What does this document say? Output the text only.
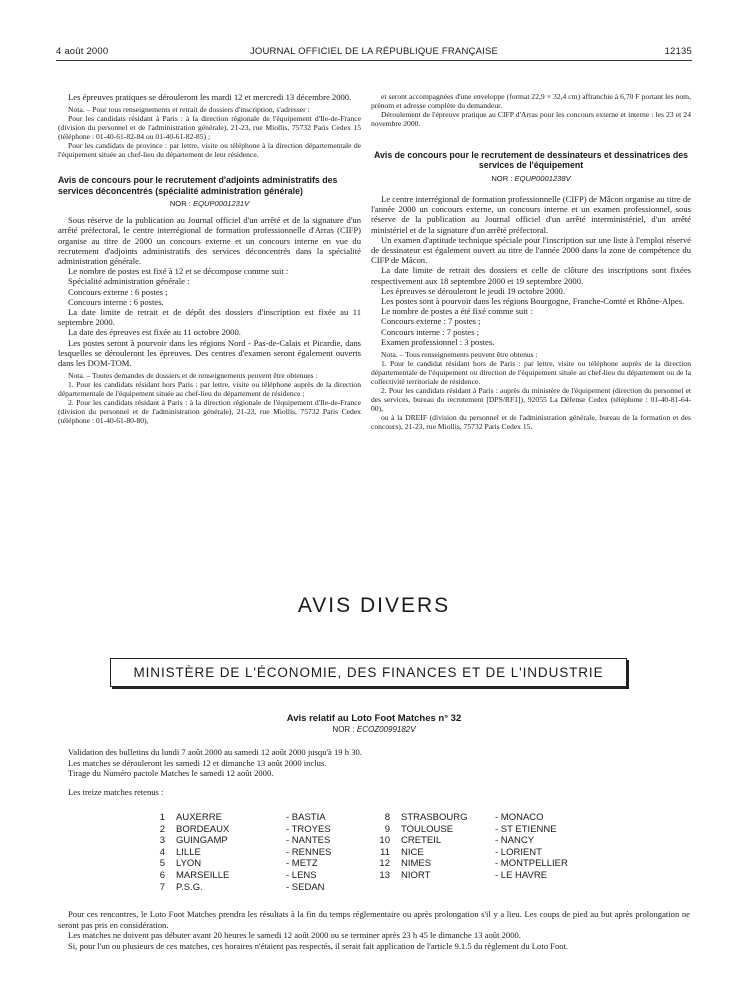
4 août 2000	JOURNAL OFFICIEL DE LA RÉPUBLIQUE FRANÇAISE	12135

Les épreuves pratiques se dérouleront les mardi 12 et mercredi 13 décembre 2000.

Nota. – Pour tous renseignements et retrait de dossiers d'inscription, s'adresser :

Pour les candidats résidant à Paris : à la direction régionale de l'équipement d'Ile-de-France (division du personnel et de l'administration générale), 21-23, rue Miollis, 75732 Paris Cedex 15 (téléphone : 01-40-61-82-84 ou 01-40-61-82-85) ;

Pour les candidats de province : par lettre, visite ou téléphone à la direction départementale de l'équipement située au chef-lieu du département de leur résidence.

Avis de concours pour le recrutement d'adjoints administratifs des services déconcentrés (spécialité administration générale)
NOR : EQUP0001231V

Sous réserve de la publication au Journal officiel d'un arrêté et de la signature d'un arrêté préfectoral, le centre interrégional de formation professionnelle d'Arras (CIFP) organise au titre de 2000 un concours externe et un concours interne en vue du recrutement d'adjoints administratifs des services déconcentrés dans la spécialité administration générale.

Le nombre de postes est fixé à 12 et se décompose comme suit :

Spécialité administration générale :

Concours externe : 6 postes ;

Concours interne : 6 postes.

La date limite de retrait et de dépôt des dossiers d'inscription est fixée au 11 septembre 2000.

La date des épreuves est fixée au 11 octobre 2000.

Les postes seront à pourvoir dans les régions Nord - Pas-de-Calais et Picardie, dans lesquelles se dérouleront les épreuves. Des centres d'examen seront également ouverts dans les DOM-TOM.

Nota. – Toutes demandes de dossiers et de renseignements peuvent être obtenues :

1. Pour les candidats résidant hors Paris : par lettre, visite ou téléphone auprès de la direction départementale de l'équipement située au chef-lieu du département de résidence ;

2. Pour les candidats résidant à Paris : à la direction régionale de l'équipement d'Ile-de-France (division du personnel et de l'administration générale), 21-23, rue Miollis, 75732 Paris Cedex (téléphone : 01-40-61-80-80),

et seront accompagnées d'une enveloppe (format 22,9 × 32,4 cm) affranchie à 6,70 F portant les nom, prénom et adresse complète du demandeur.

Déroulement de l'épreuve pratique au CIFP d'Arras pour les concours externe et interne : les 23 et 24 novembre 2000.

Avis de concours pour le recrutement de dessinateurs et dessinatrices des services de l'équipement
NOR : EQUP0001238V

Le centre interrégional de formation professionnelle (CIFP) de Mâcon organise au titre de l'année 2000 un concours externe, un concours interne et un examen professionnel, sous réserve de la publication au Journal officiel d'un arrêté interministériel, d'un arrêté ministériel et de la signature d'un arrêté préfectoral.

Un examen d'aptitude technique spéciale pour l'inscription sur une liste à l'emploi réservé de dessinateur est également ouvert au titre de l'année 2000 dans la zone de compétence du CIFP de Mâcon.

La date limite de retrait des dossiers et celle de clôture des inscriptions sont fixées respectivement aux 18 septembre 2000 et 19 septembre 2000.

Les épreuves se dérouleront le jeudi 19 octobre 2000.

Les postes sont à pourvoir dans les régions Bourgogne, Franche-Comté et Rhône-Alpes.

Le nombre de postes a été fixé comme suit :

Concours externe : 7 postes ;

Concours interne : 7 postes ;

Examen professionnel : 3 postes.

Nota. – Tous renseignements peuvent être obtenus :

1. Pour le candidat résidant hors de Paris : par lettre, visite ou téléphone auprès de la direction départementale de l'équipement ou direction de l'équipement située au chef-lieu du département ou de la collectivité territoriale de résidence.

2. Pour les candidats résidant à Paris : auprès du ministère de l'équipement (direction du personnel et des services, bureau du recrutement [DPS/RF1]), 92055 La Défense Cedex (téléphone : 01-40-81-64-00),

ou à la DREIF (division du personnel et de l'administration générale, bureau de la formation et des concours), 21-23, rue Miollis, 75732 Paris Cedex 15.

AVIS DIVERS
MINISTÈRE DE L'ÉCONOMIE, DES FINANCES ET DE L'INDUSTRIE
Avis relatif au Loto Foot Matches n° 32
NOR : ECOZ0099182V

Validation des bulletins du lundi 7 août 2000 au samedi 12 août 2000 jusqu'à 19 h 30.

Les matches se dérouleront les samedi 12 et dimanche 13 août 2000 inclus.

Tirage du Numéro pactole Matches le samedi 12 août 2000.

Les treize matches retenus :

1 AUXERRE	- BASTIA
2 BORDEAUX	- TROYES
3 GUINGAMP	- NANTES
4 LILLE	- RENNES
5 LYON	- METZ
6 MARSEILLE	- LENS
7 P.S.G.	- SEDAN
8 STRASBOURG	- MONACO
9 TOULOUSE	- ST ETIENNE
10 CRETEIL	- NANCY
11 NICE	- LORIENT
12 NIMES	- MONTPELLIER
13 NIORT	- LE HAVRE

Pour ces rencontres, le Loto Foot Matches prendra les résultats à la fin du temps réglementaire ou après prolongation s'il y a lieu. Les coups de pied au but après prolongation ne seront pas pris en considération.

Les matches ne doivent pas débuter avant 20 heures le samedi 12 août 2000 ou se terminer après 23 h 45 le dimanche 13 août 2000.

Si, pour l'un ou plusieurs de ces matches, ces horaires n'étaient pas respectés, il serait fait application de l'article 9.1.5 du règlement du Loto Foot.
